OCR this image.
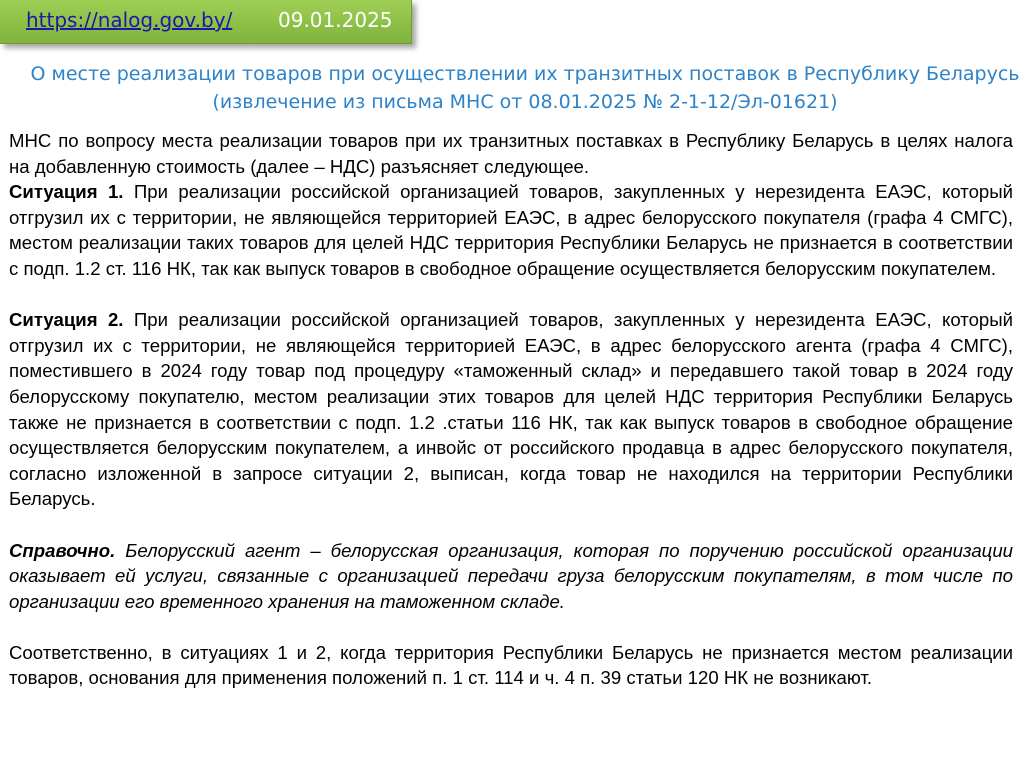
https://nalog.gov.by/ 09.01.2025
О месте реализации товаров при осуществлении их транзитных поставок в Республику Беларусь (извлечение из письма МНС от 08.01.2025 № 2-1-12/Эл-01621)

МНС по вопросу места реализации товаров при их транзитных поставках в Республику Беларусь в целях налога на добавленную стоимость (далее – НДС) разъясняет следующее.

Ситуация 1. При реализации российской организацией товаров, закупленных у нерезидента ЕАЭС, который отгрузил их с территории, не являющейся территорией ЕАЭС, в адрес белорусского покупателя (графа 4 СМГС), местом реализации таких товаров для целей НДС территория Республики Беларусь не признается в соответствии с подп. 1.2 ст. 116 НК, так как выпуск товаров в свободное обращение осуществляется белорусским покупателем.

Ситуация 2. При реализации российской организацией товаров, закупленных у нерезидента ЕАЭС, который отгрузил их с территории, не являющейся территорией ЕАЭС, в адрес белорусского агента (графа 4 СМГС), поместившего в 2024 году товар под процедуру «таможенный склад» и передавшего такой товар в 2024 году белорусскому покупателю, местом реализации этих товаров для целей НДС территория Республики Беларусь также не признается в соответствии с подп. 1.2 .статьи 116 НК, так как выпуск товаров в свободное обращение осуществляется белорусским покупателем, а инвойс от российского продавца в адрес белорусского покупателя, согласно изложенной в запросе ситуации 2, выписан, когда товар не находился на территории Республики Беларусь.

Справочно. Белорусский агент – белорусская организация, которая по поручению российской организации оказывает ей услуги, связанные с организацией передачи груза белорусским покупателям, в том числе по организации его временного хранения на таможенном складе.

Соответственно, в ситуациях 1 и 2, когда территория Республики Беларусь не признается местом реализации товаров, основания для применения положений п. 1 ст. 114 и ч. 4 п. 39 статьи 120 НК не возникают.
